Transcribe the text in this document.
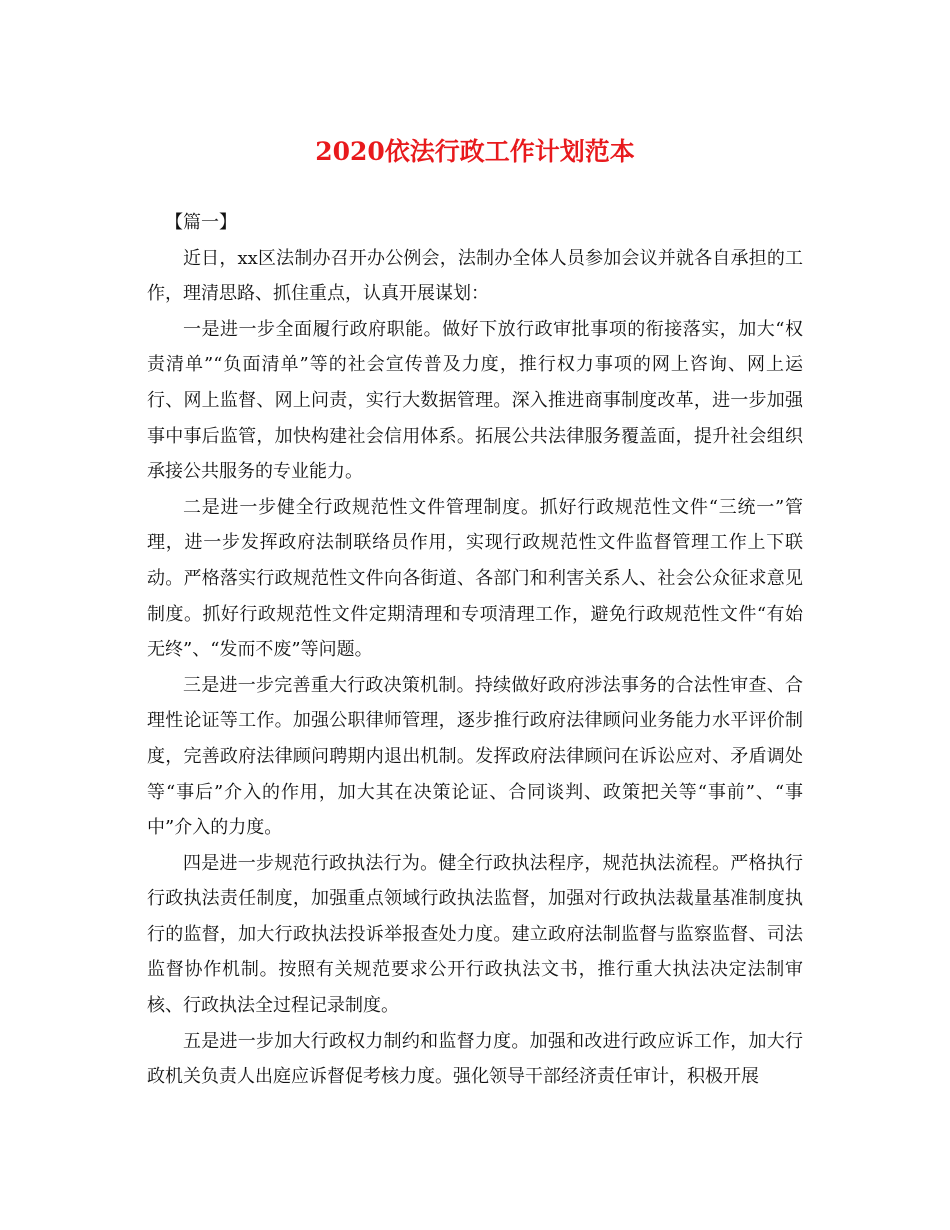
2020依法行政工作计划范本

【篇一】

近日，xx区法制办召开办公例会，法制办全体人员参加会议并就各自承担的工作，理清思路、抓住重点，认真开展谋划：

一是进一步全面履行政府职能。做好下放行政审批事项的衔接落实，加大“权责清单”“负面清单”等的社会宣传普及力度，推行权力事项的网上咨询、网上运行、网上监督、网上问责，实行大数据管理。深入推进商事制度改革，进一步加强事中事后监管，加快构建社会信用体系。拓展公共法律服务覆盖面，提升社会组织承接公共服务的专业能力。

二是进一步健全行政规范性文件管理制度。抓好行政规范性文件“三统一”管理，进一步发挥政府法制联络员作用，实现行政规范性文件监督管理工作上下联动。严格落实行政规范性文件向各街道、各部门和利害关系人、社会公众征求意见制度。抓好行政规范性文件定期清理和专项清理工作，避免行政规范性文件“有始无终”、“发而不废”等问题。

三是进一步完善重大行政决策机制。持续做好政府涉法事务的合法性审查、合理性论证等工作。加强公职律师管理，逐步推行政府法律顾问业务能力水平评价制度，完善政府法律顾问聘期内退出机制。发挥政府法律顾问在诉讼应对、矛盾调处等“事后”介入的作用，加大其在决策论证、合同谈判、政策把关等“事前”、“事中”介入的力度。

四是进一步规范行政执法行为。健全行政执法程序，规范执法流程。严格执行行政执法责任制度，加强重点领域行政执法监督，加强对行政执法裁量基准制度执行的监督，加大行政执法投诉举报查处力度。建立政府法制监督与监察监督、司法监督协作机制。按照有关规范要求公开行政执法文书，推行重大执法决定法制审核、行政执法全过程记录制度。

五是进一步加大行政权力制约和监督力度。加强和改进行政应诉工作，加大行政机关负责人出庭应诉督促考核力度。强化领导干部经济责任审计，积极开展
